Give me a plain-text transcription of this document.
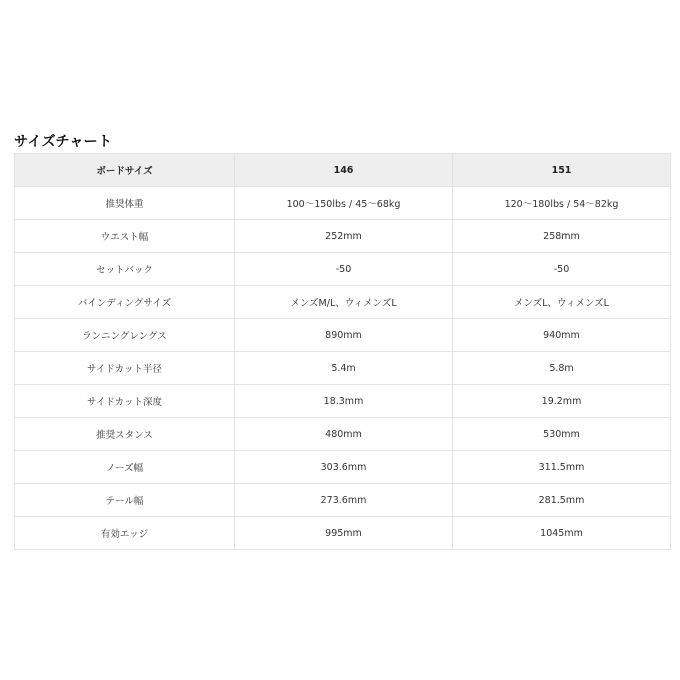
サイズチャート
ボードサイズ	146	151
推奨体重	100〜150lbs / 45〜68kg	120〜180lbs / 54〜82kg
ウエスト幅	252mm	258mm
セットバック	-50	-50
バインディングサイズ	メンズM/L、ウィメンズL	メンズL、ウィメンズL
ランニングレングス	890mm	940mm
サイドカット半径	5.4m	5.8m
サイドカット深度	18.3mm	19.2mm
推奨スタンス	480mm	530mm
ノーズ幅	303.6mm	311.5mm
テール幅	273.6mm	281.5mm
有効エッジ	995mm	1045mm
